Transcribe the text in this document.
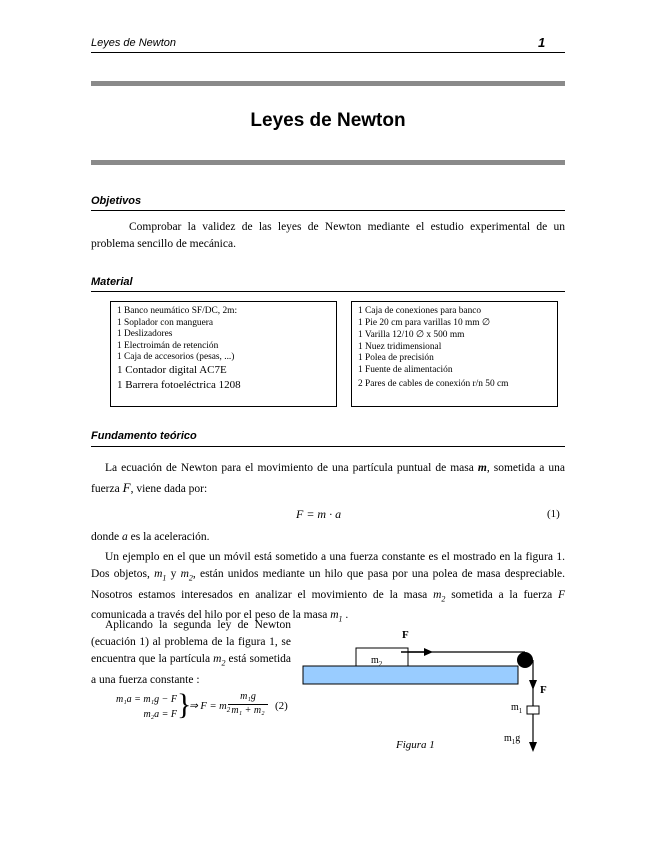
Leyes de Newton	1
Leyes de Newton
Objetivos
Comprobar la validez de las leyes de Newton mediante el estudio experimental de un problema sencillo de mecánica.
Material
1 Banco neumático SF/DC, 2m:
1 Soplador con manguera
1 Deslizadores
1 Electroimán de retención
1 Caja de accesorios (pesas, ...)
1 Contador digital AC7E
1 Barrera fotoeléctrica 1208
1 Caja de conexiones para banco
1 Pie 20 cm para varillas 10 mm ∅
1 Varilla 12/10 ∅ x 500 mm
1 Nuez tridimensional
1 Polea de precisión
1 Fuente de alimentación
2 Pares de cables de conexión r/n 50 cm
Fundamento teórico
La ecuación de Newton para el movimiento de una partícula puntual de masa m, sometida a una fuerza F, viene dada por:
F = m · a	(1)
donde a es la aceleración.
Un ejemplo en el que un móvil está sometido a una fuerza constante es el mostrado en la figura 1. Dos objetos, $m_1$ y $m_2$, están unidos mediante un hilo que pasa por una polea de masa despreciable. Nosotros estamos interesados en analizar el movimiento de la masa $m_2$ sometida a la fuerza F comunicada a través del hilo por el peso de la masa $m_1$ .
Aplicando la segunda ley de Newton (ecuación 1) al problema de la figura 1, se encuentra que la partícula $m_2$ está sometida a una fuerza constante :
m₁a = m₁g − F
m₂a = F }
⇒ $F = m_2$
m₁g
m₁ + m₂ (2)
F
$m_2$
F
$m_1$
$m_1g$
Figura 1
